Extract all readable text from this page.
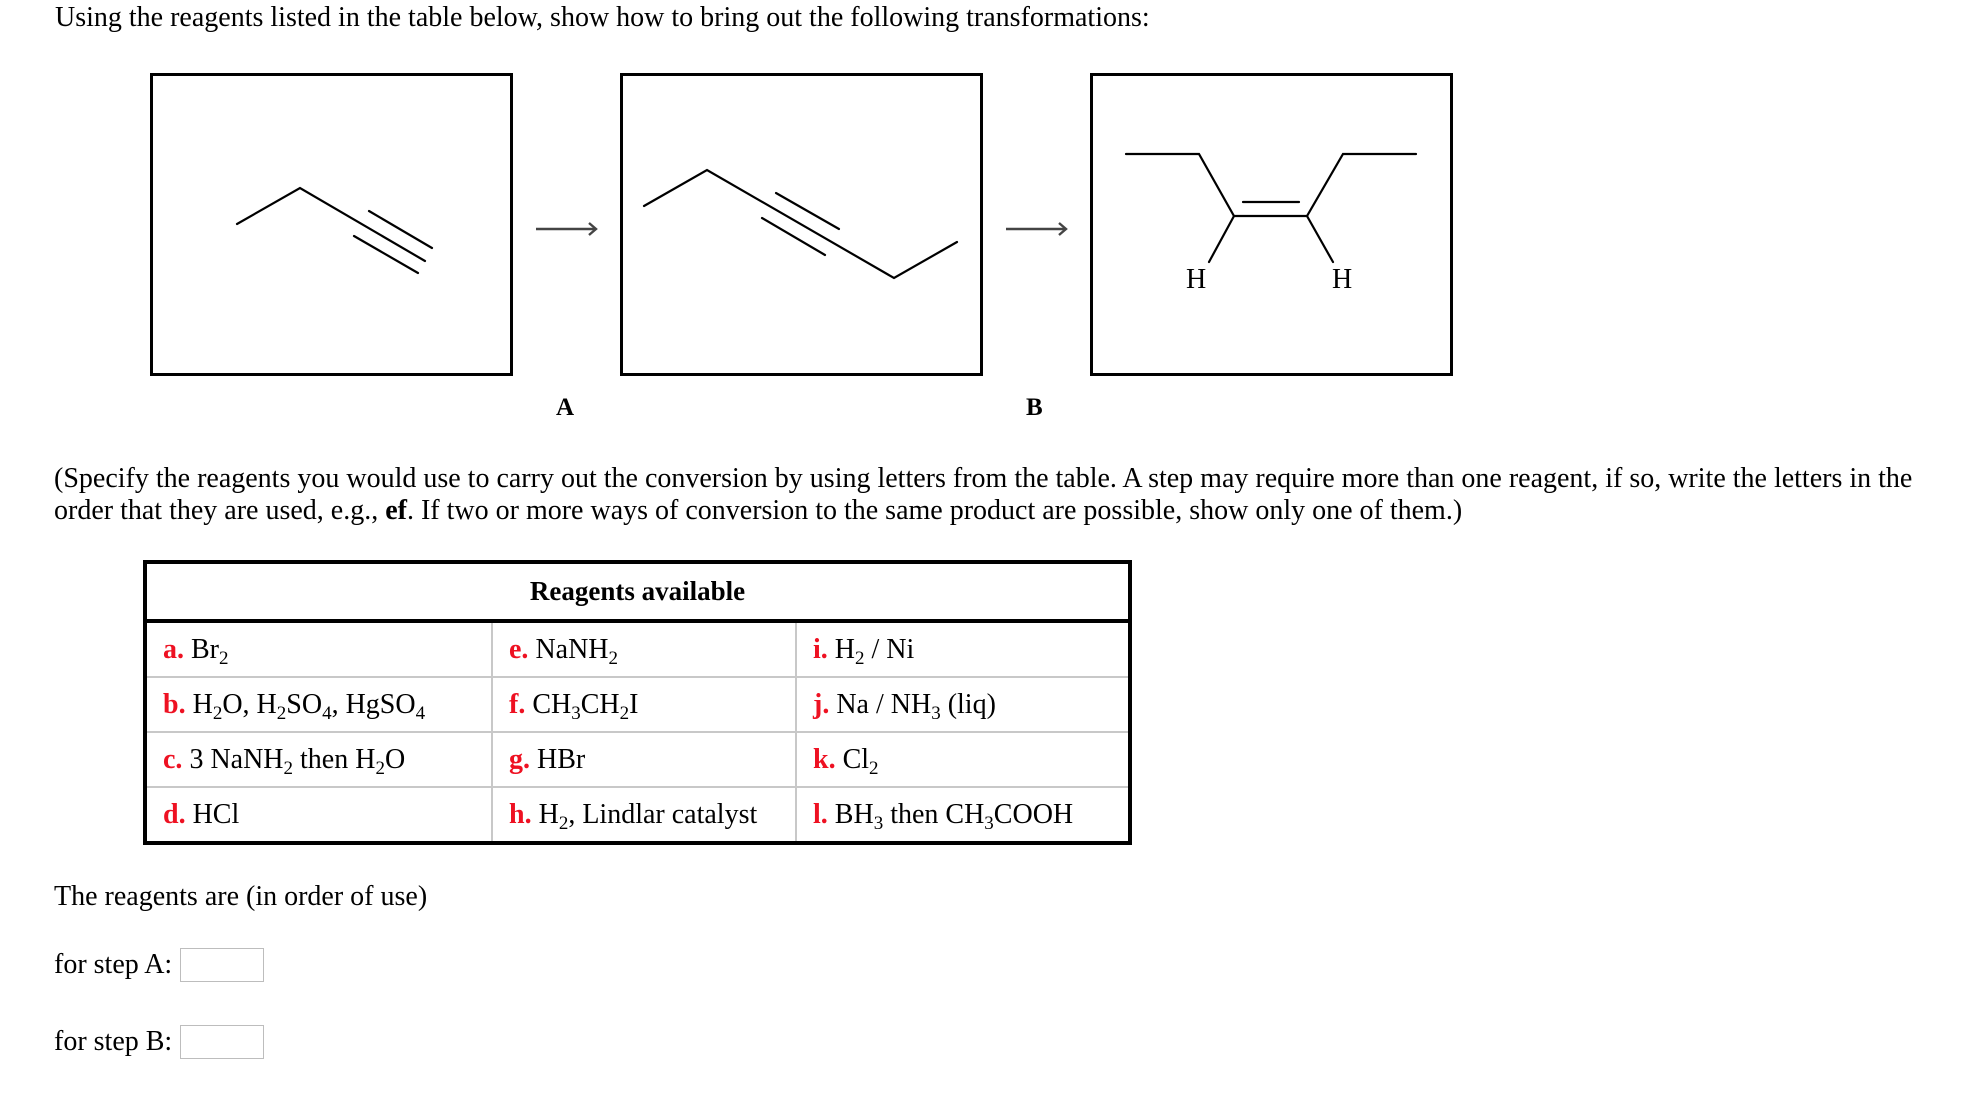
Using the reagents listed in the table below, show how to bring out the following transformations:
H	H
A	B
(Specify the reagents you would use to carry out the conversion by using letters from the table. A step may require more than one reagent, if so, write the letters in the order that they are used, e.g., ef. If two or more ways of conversion to the same product are possible, show only one of them.)
Reagents available		
a. $Br_2$	e. NaNH$_2$	i. $H_2$ / Ni
b. $H_2O$, $H_2SO_4$, HgSO$_4$	f. $CH_3CH_2I$	j. Na / $NH_3$ (liq)
c. 3 NaNH$_2$ then $H_2O$	g. HBr	k. $Cl_2$
d. HCl	h. $H_2$, Lindlar catalyst	l. $BH_3$ then $CH_3COOH$
The reagents are (in order of use)
for step A:
for step B:
